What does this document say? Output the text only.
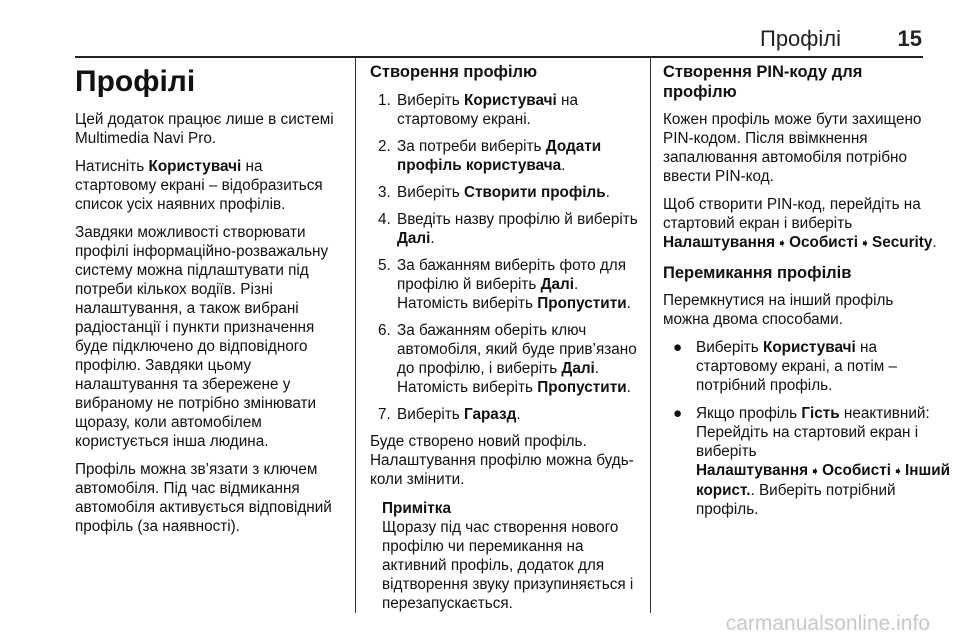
Профілі	15
Профілі

Цей додаток працює лише в системі Multimedia Navi Pro.

Натисніть Користувачі на стартовому екрані – відобразиться список усіх наявних профілів.

Завдяки можливості створювати профілі інформаційно-розважальну систему можна підлаштувати під потреби кількох водіїв. Різні налаштування, а також вибрані радіостанції і пункти призначення буде підключено до відповідного профілю. Завдяки цьому налаштування та збережене у вибраному не потрібно змінювати щоразу, коли автомобілем користується інша людина.

Профіль можна зв’язати з ключем автомобіля. Під час відмикання автомобіля активується відповідний профіль (за наявності).

Створення профілю
1. Виберіть Користувачі на стартовому екрані.
2. За потреби виберіть Додати профіль користувача.
3. Виберіть Створити профіль.
4. Введіть назву профілю й виберіть Далі.
5. За бажанням виберіть фото для профілю й виберіть Далі. Натомість виберіть Пропустити.
6. За бажанням оберіть ключ автомобіля, який буде прив’язано до профілю, і виберіть Далі. Натомість виберіть Пропустити.
7. Виберіть Гаразд.

Буде створено новий профіль. Налаштування профілю можна будь-коли змінити.

Примітка
Щоразу під час створення нового профілю чи перемикання на активний профіль, додаток для відтворення звуку призупиняється і перезапускається.
Створення PIN-коду для профілю

Кожен профіль може бути захищено PIN-кодом. Після ввімкнення запалювання автомобіля потрібно ввести PIN-код.

Щоб створити PIN-код, перейдіть на стартовий екран і виберіть Налаштування ➧ Особисті ➧ Security.

Перемикання профілів

Перемкнутися на інший профіль можна двома способами.

● Виберіть Користувачі на стартовому екрані, а потім – потрібний профіль.
● Якщо профіль Гість неактивний: Перейдіть на стартовий екран і виберіть Налаштування ➧ Особисті ➧ Інший корист.. Виберіть потрібний профіль.
carmanualsonline.info
